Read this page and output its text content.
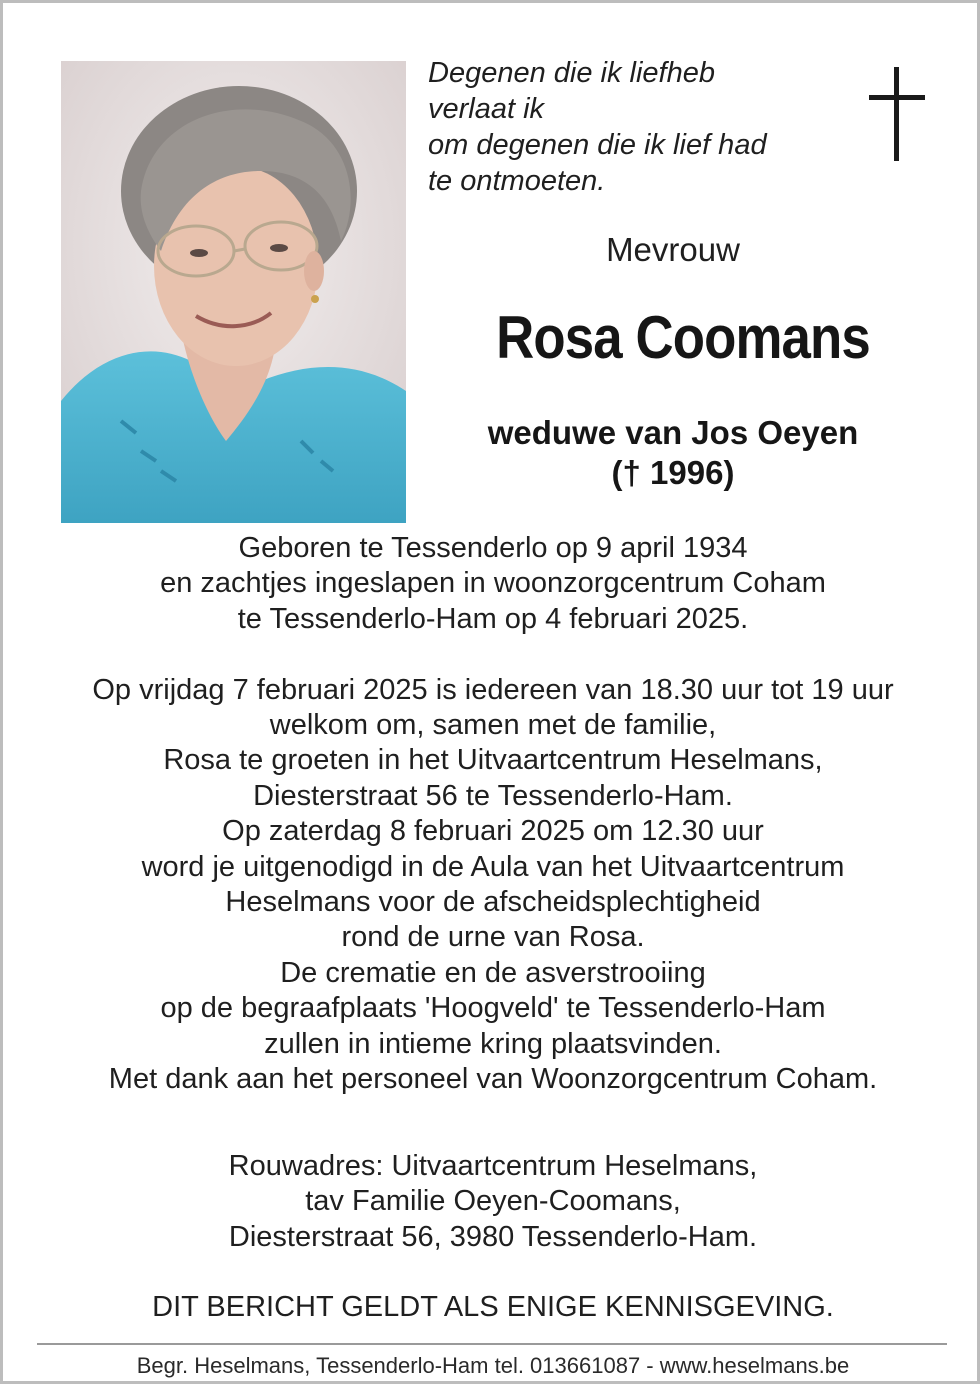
Degenen die ik liefheb
verlaat ik
om degenen die ik lief had
te ontmoeten.
Mevrouw
Rosa Coomans
weduwe van Jos Oeyen
(† 1996)
Geboren te Tessenderlo op 9 april 1934
en zachtjes ingeslapen in woonzorgcentrum Coham
te Tessenderlo-Ham op 4 februari 2025.
Op vrijdag 7 februari 2025 is iedereen van 18.30 uur tot 19 uur
welkom om, samen met de familie,
Rosa te groeten in het Uitvaartcentrum Heselmans,
Diesterstraat 56 te Tessenderlo-Ham.
Op zaterdag 8 februari 2025 om 12.30 uur
word je uitgenodigd in de Aula van het Uitvaartcentrum
Heselmans voor de afscheidsplechtigheid
rond de urne van Rosa.
De crematie en de asverstrooiing
op de begraafplaats 'Hoogveld' te Tessenderlo-Ham
zullen in intieme kring plaatsvinden.
Met dank aan het personeel van Woonzorgcentrum Coham.
Rouwadres: Uitvaartcentrum Heselmans,
tav Familie Oeyen-Coomans,
Diesterstraat 56, 3980 Tessenderlo-Ham.
DIT BERICHT GELDT ALS ENIGE KENNISGEVING.
Begr. Heselmans, Tessenderlo-Ham tel. 013661087 - www.heselmans.be
